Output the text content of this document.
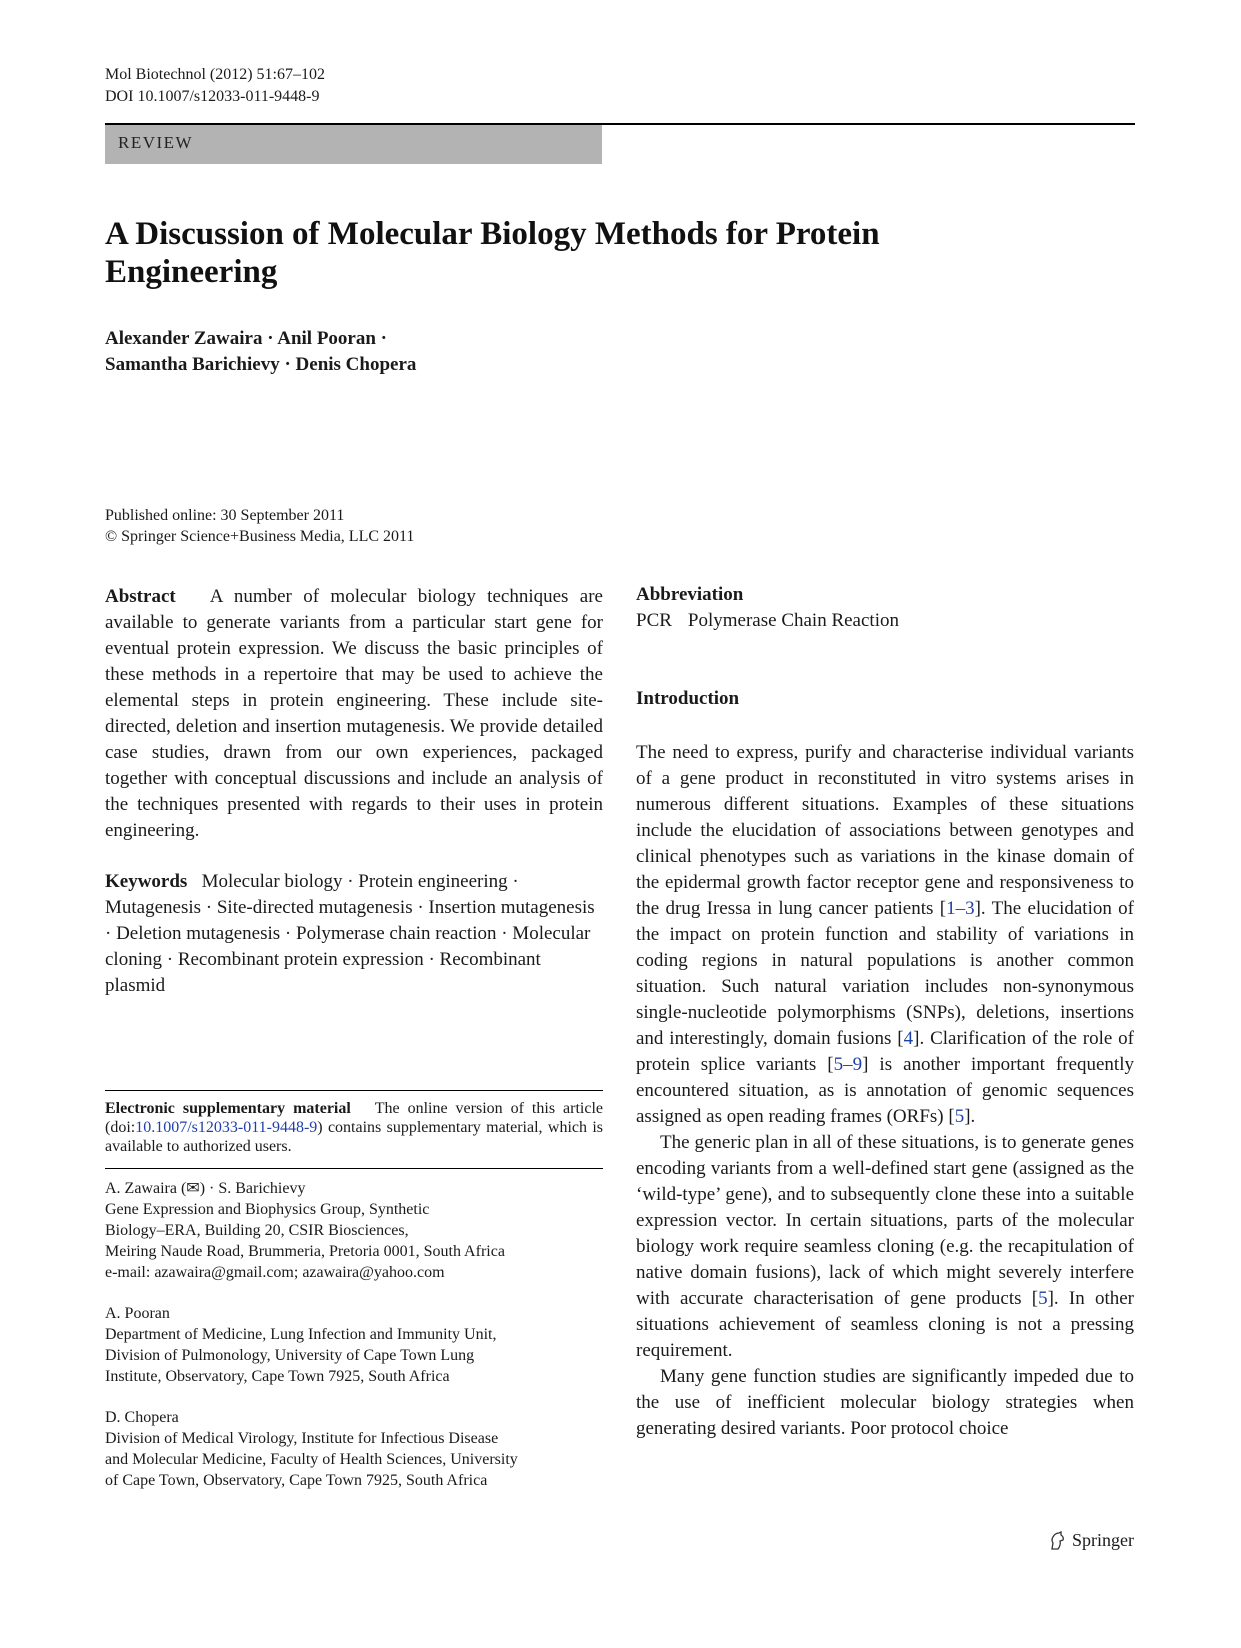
Mol Biotechnol (2012) 51:67–102
DOI 10.1007/s12033-011-9448-9
REVIEW
A Discussion of Molecular Biology Methods for Protein Engineering
Alexander Zawaira · Anil Pooran ·
Samantha Barichievy · Denis Chopera
Published online: 30 September 2011
© Springer Science+Business Media, LLC 2011

Abstract A number of molecular biology techniques are available to generate variants from a particular start gene for eventual protein expression. We discuss the basic principles of these methods in a repertoire that may be used to achieve the elemental steps in protein engineering. These include site-directed, deletion and insertion mutagenesis. We provide detailed case studies, drawn from our own experiences, packaged together with conceptual discussions and include an analysis of the techniques presented with regards to their uses in protein engineering.

Keywords Molecular biology · Protein engineering · Mutagenesis · Site-directed mutagenesis · Insertion mutagenesis · Deletion mutagenesis · Polymerase chain reaction · Molecular cloning · Recombinant protein expression · Recombinant plasmid
Electronic supplementary material The online version of this article (doi:10.1007/s12033-011-9448-9) contains supplementary material, which is available to authorized users.
A. Zawaira (✉) · S. Barichievy
Gene Expression and Biophysics Group, Synthetic
Biology–ERA, Building 20, CSIR Biosciences,
Meiring Naude Road, Brummeria, Pretoria 0001, South Africa
e-mail: azawaira@gmail.com; azawaira@yahoo.com
A. Pooran
Department of Medicine, Lung Infection and Immunity Unit,
Division of Pulmonology, University of Cape Town Lung
Institute, Observatory, Cape Town 7925, South Africa
D. Chopera
Division of Medical Virology, Institute for Infectious Disease
and Molecular Medicine, Faculty of Health Sciences, University
of Cape Town, Observatory, Cape Town 7925, South Africa
Abbreviation
PCR Polymerase Chain Reaction
Introduction

The need to express, purify and characterise individual variants of a gene product in reconstituted in vitro systems arises in numerous different situations. Examples of these situations include the elucidation of associations between genotypes and clinical phenotypes such as variations in the kinase domain of the epidermal growth factor receptor gene and responsiveness to the drug Iressa in lung cancer patients [1–3]. The elucidation of the impact on protein function and stability of variations in coding regions in natural populations is another common situation. Such natural variation includes non-synonymous single-nucleotide polymorphisms (SNPs), deletions, insertions and interestingly, domain fusions [4]. Clarification of the role of protein splice variants [5–9] is another important frequently encountered situation, as is annotation of genomic sequences assigned as open reading frames (ORFs) [5].

The generic plan in all of these situations, is to generate genes encoding variants from a well-defined start gene (assigned as the ‘wild-type’ gene), and to subsequently clone these into a suitable expression vector. In certain situations, parts of the molecular biology work require seamless cloning (e.g. the recapitulation of native domain fusions), lack of which might severely interfere with accurate characterisation of gene products [5]. In other situations achievement of seamless cloning is not a pressing requirement.

Many gene function studies are significantly impeded due to the use of inefficient molecular biology strategies when generating desired variants. Poor protocol choice

Springer
